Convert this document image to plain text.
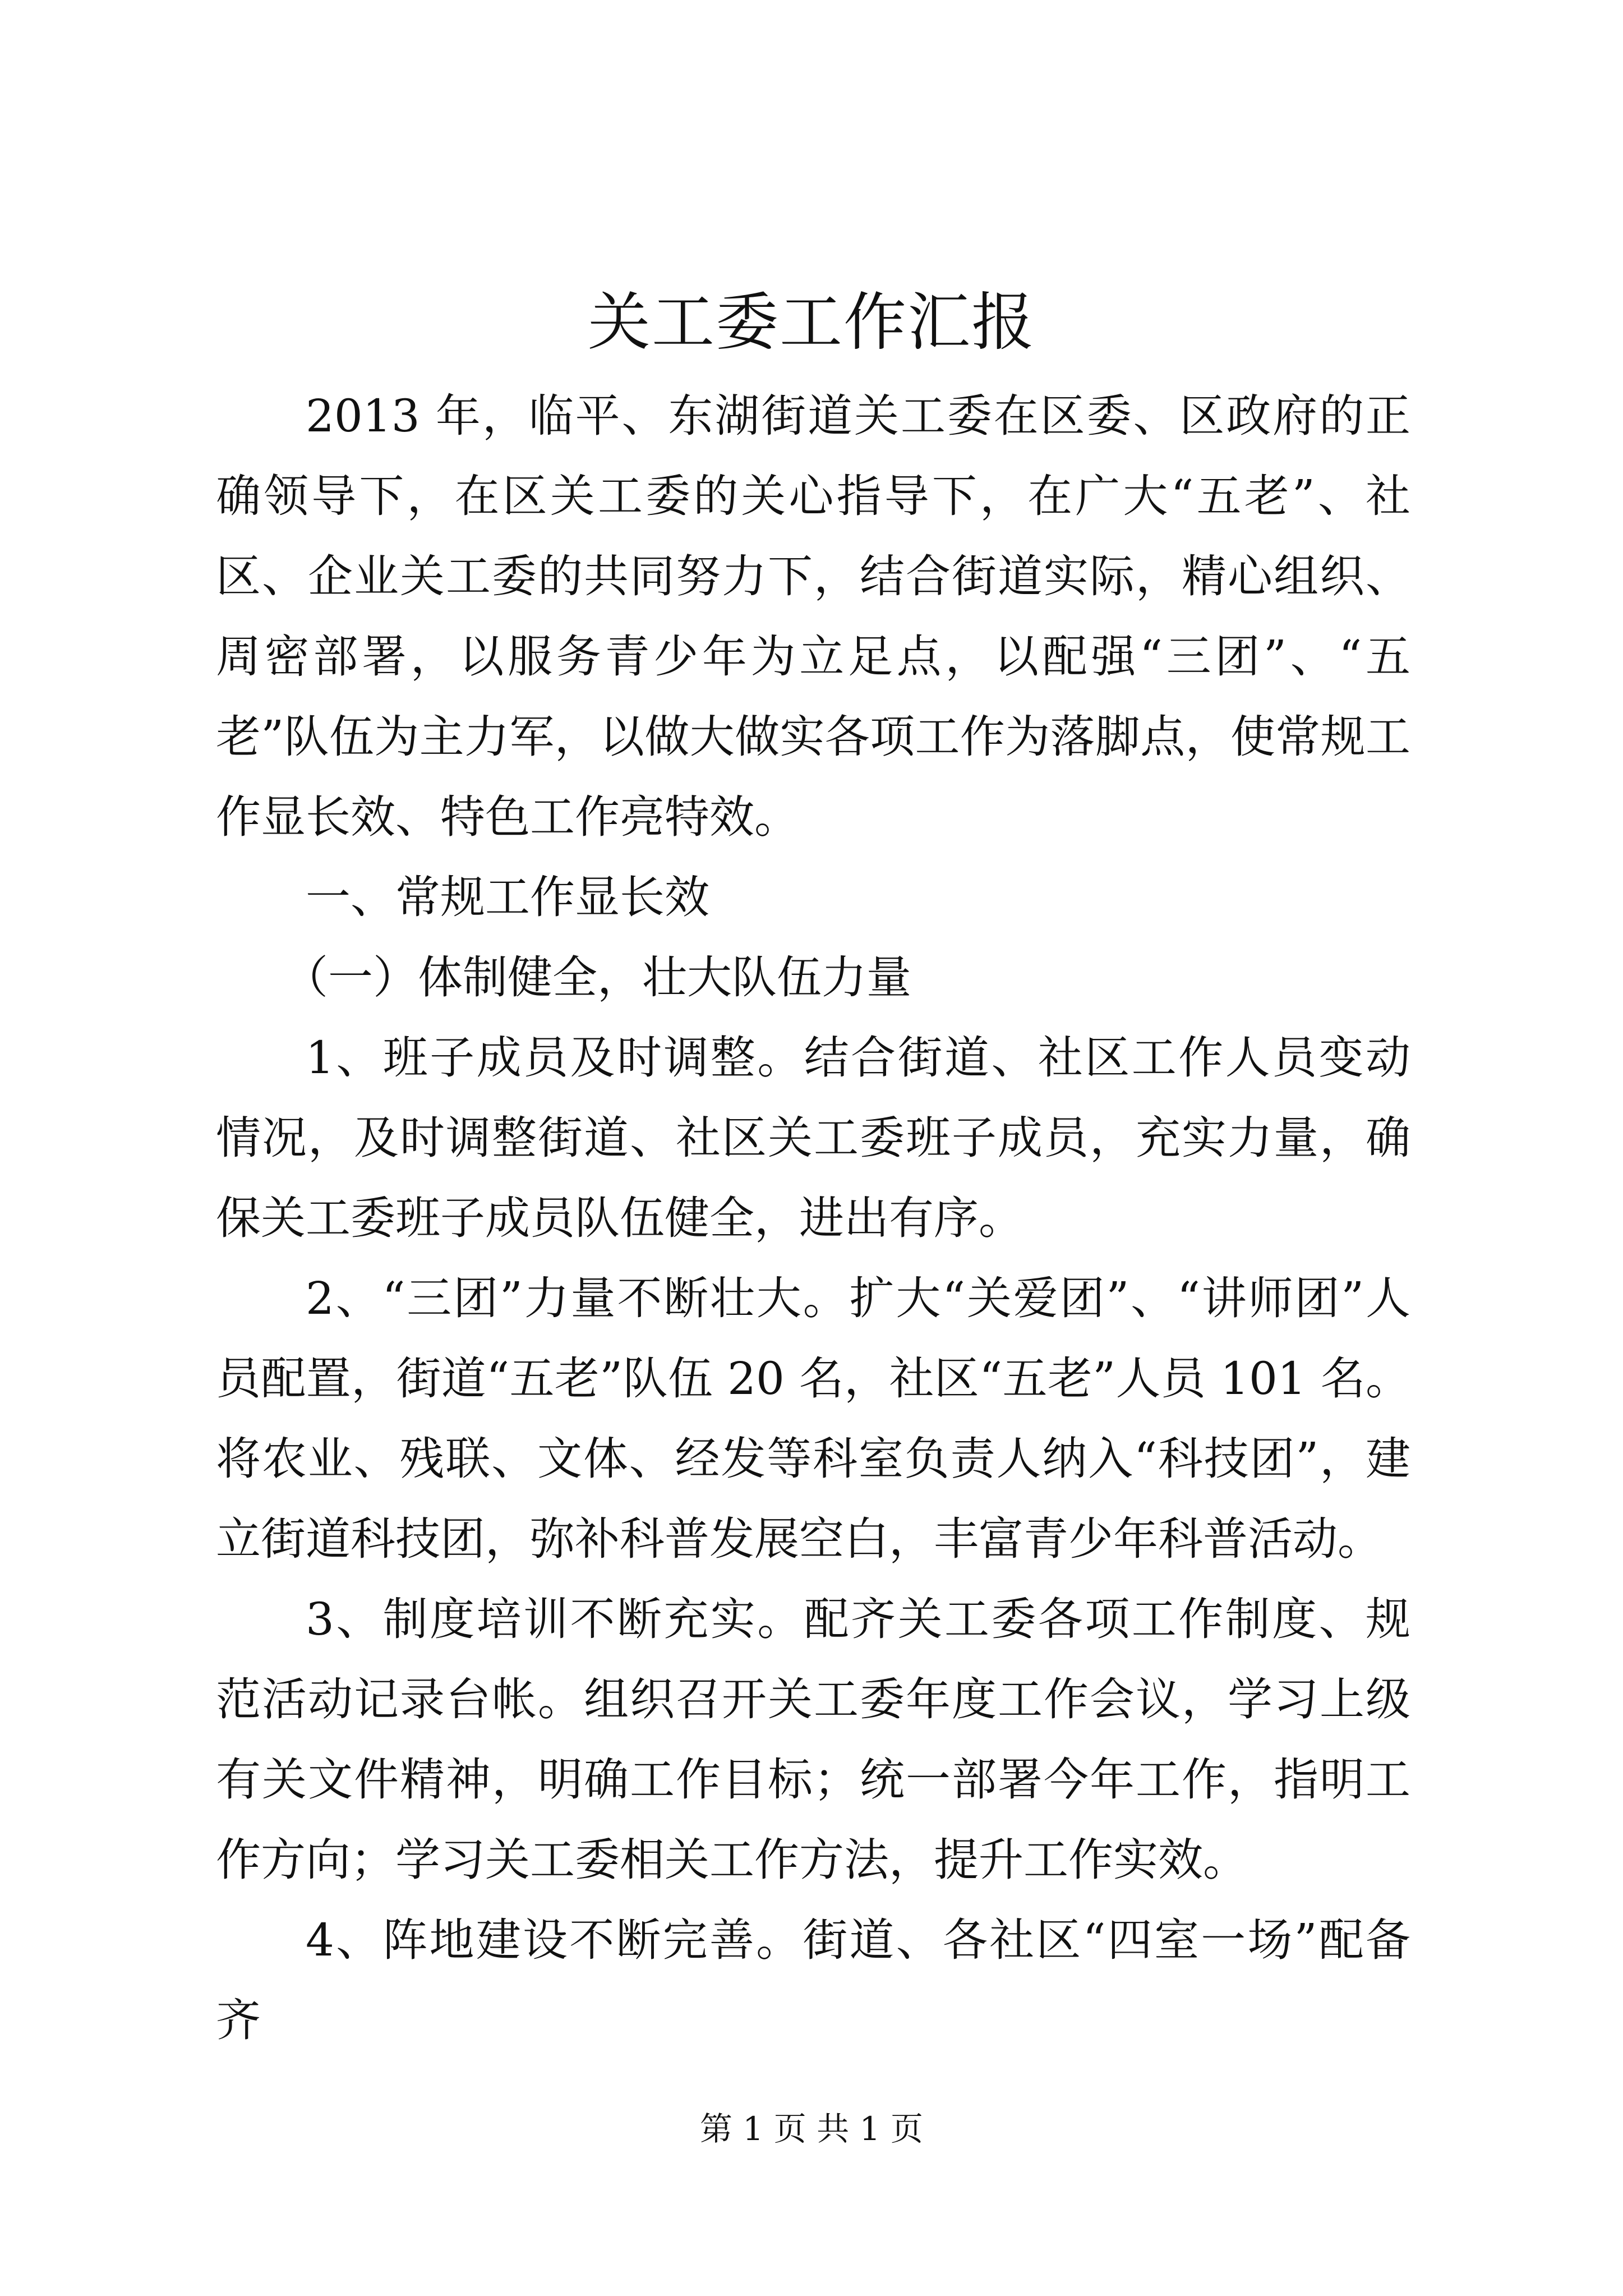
关工委工作汇报

2013 年，临平、东湖街道关工委在区委、区政府的正确领导下，在区关工委的关心指导下，在广大“五老”、社区、企业关工委的共同努力下，结合街道实际，精心组织、周密部署，以服务青少年为立足点，以配强“三团”、“五老”队伍为主力军，以做大做实各项工作为落脚点，使常规工作显长效、特色工作亮特效。

一、常规工作显长效

（一）体制健全，壮大队伍力量

1、班子成员及时调整。结合街道、社区工作人员变动情况，及时调整街道、社区关工委班子成员，充实力量，确保关工委班子成员队伍健全，进出有序。

2、“三团”力量不断壮大。扩大“关爱团”、“讲师团”人员配置，街道“五老”队伍 20 名，社区“五老”人员 101 名。将农业、残联、文体、经发等科室负责人纳入“科技团”，建立街道科技团，弥补科普发展空白，丰富青少年科普活动。

3、制度培训不断充实。配齐关工委各项工作制度、规范活动记录台帐。组织召开关工委年度工作会议，学习上级有关文件精神，明确工作目标；统一部署今年工作，指明工作方向；学习关工委相关工作方法，提升工作实效。

4、阵地建设不断完善。街道、各社区“四室一场”配备齐

第 1 页 共 1 页
